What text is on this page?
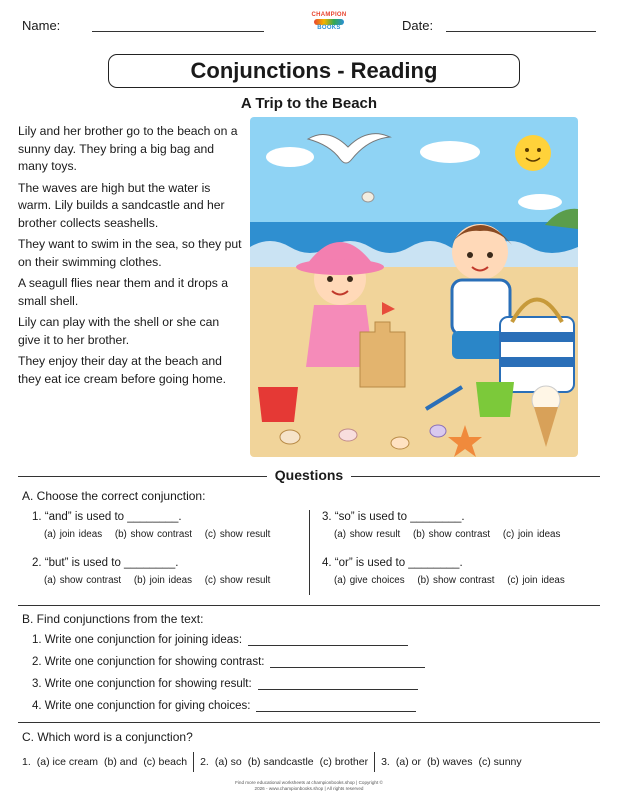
Name:
CHAMPION
BOOKS	Date:
Conjunctions - Reading
A Trip to the Beach

Lily and her brother go to the beach on a sunny day. They bring a big bag and many toys.

The waves are high but the water is warm. Lily builds a sandcastle and her brother collects seashells.

They want to swim in the sea, so they put on their swimming clothes.

A seagull flies near them and it drops a small shell.

Lily can play with the shell or she can give it to her brother.

They enjoy their day at the beach and they eat ice cream before going home.

Questions
A. Choose the correct conjunction:
1. “and” is used to ________.
(a) join ideas (b) show contrast (c) show result
2. “but” is used to ________.
(a) show contrast (b) join ideas (c) show result
3. “so” is used to ________.
(a) show result (b) show contrast (c) join ideas
4. “or” is used to ________.
(a) give choices (b) show contrast (c) join ideas
B. Find conjunctions from the text:
1. Write one conjunction for joining ideas:
2. Write one conjunction for showing contrast:
3. Write one conjunction for showing result:
4. Write one conjunction for giving choices:
C. Which word is a conjunction?
1. (a) ice cream (b) and (c) beach 2. (a) so (b) sandcastle (c) brother 3. (a) or (b) waves (c) sunny
Find more educational worksheets at championbooks.shop | Copyright ©
2026 - www.championbooks.shop | All rights reserved
